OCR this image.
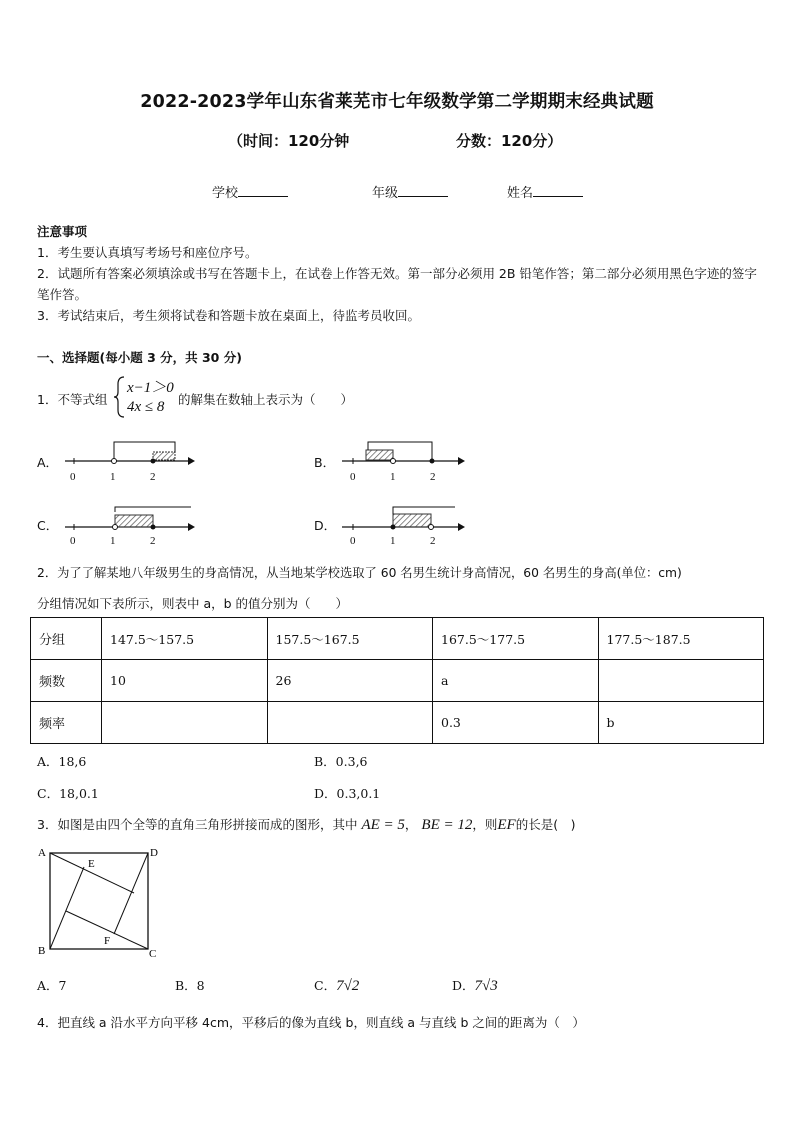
2022-2023学年山东省莱芜市七年级数学第二学期期末经典试题
（时间：120分钟	分数：120分）
学校	年级	姓名
注意事项
1．考生要认真填写考场号和座位序号。
2．试题所有答案必须填涂或书写在答题卡上，在试卷上作答无效。第一部分必须用 2B 铅笔作答；第二部分必须用黑色字迹的签字笔作答。
3．考试结束后，考生须将试卷和答题卡放在桌面上，待监考员收回。
一、选择题(每小题 3 分，共 30 分)
1．不等式组
x−1＞0
4x ≤ 8 的解集在数轴上表示为（　　）
A．
0	1	2
B．
0	1	2
C．
0	1	2
D．
0	1	2
2．为了了解某地八年级男生的身高情况，从当地某学校选取了 60 名男生统计身高情况，60 名男生的身高(单位：cm)
分组情况如下表所示，则表中 a，b 的值分别为（　　）
分组	147.5～157.5	157.5～167.5	167.5～177.5	177.5～187.5
频数	10	26	a	
频率			0.3	b
A．18,6	B．0.3,6
C．18,0.1	D．0.3,0.1
3．如图是由四个全等的直角三角形拼接而成的图形，其中 AE = 5， BE = 12，则EF的长是(　)
A	D
E
B
F
C
A．7	B．8	C．7√2	D．7√3
4．把直线 a 沿水平方向平移 4cm，平移后的像为直线 b，则直线 a 与直线 b 之间的距离为（　）
